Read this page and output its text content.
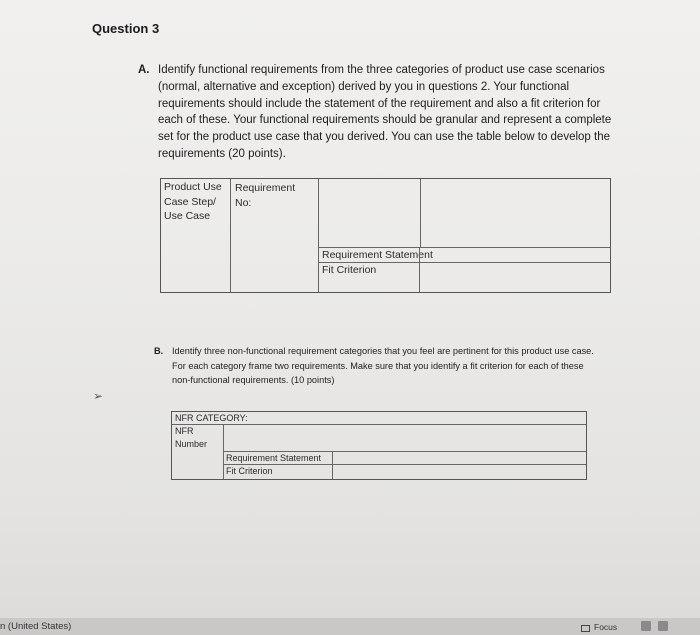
Question 3
A. Identify functional requirements from the three categories of product use case scenarios (normal, alternative and exception) derived by you in questions 2. Your functional requirements should include the statement of the requirement and also a fit criterion for each of these. Your functional requirements should be granular and represent a complete set for the product use case that you derived. You can use the table below to develop the requirements (20 points).
Product Use Case Step/ Use Case
Requirement No:
Requirement Statement
Fit Criterion
B. Identify three non-functional requirement categories that you feel are pertinent for this product use case. For each category frame two requirements. Make sure that you identify a fit criterion for each of these non-functional requirements. (10 points)
➢
NFR CATEGORY:
NFR Number
Requirement Statement
Fit Criterion
n (United States)	Focus
